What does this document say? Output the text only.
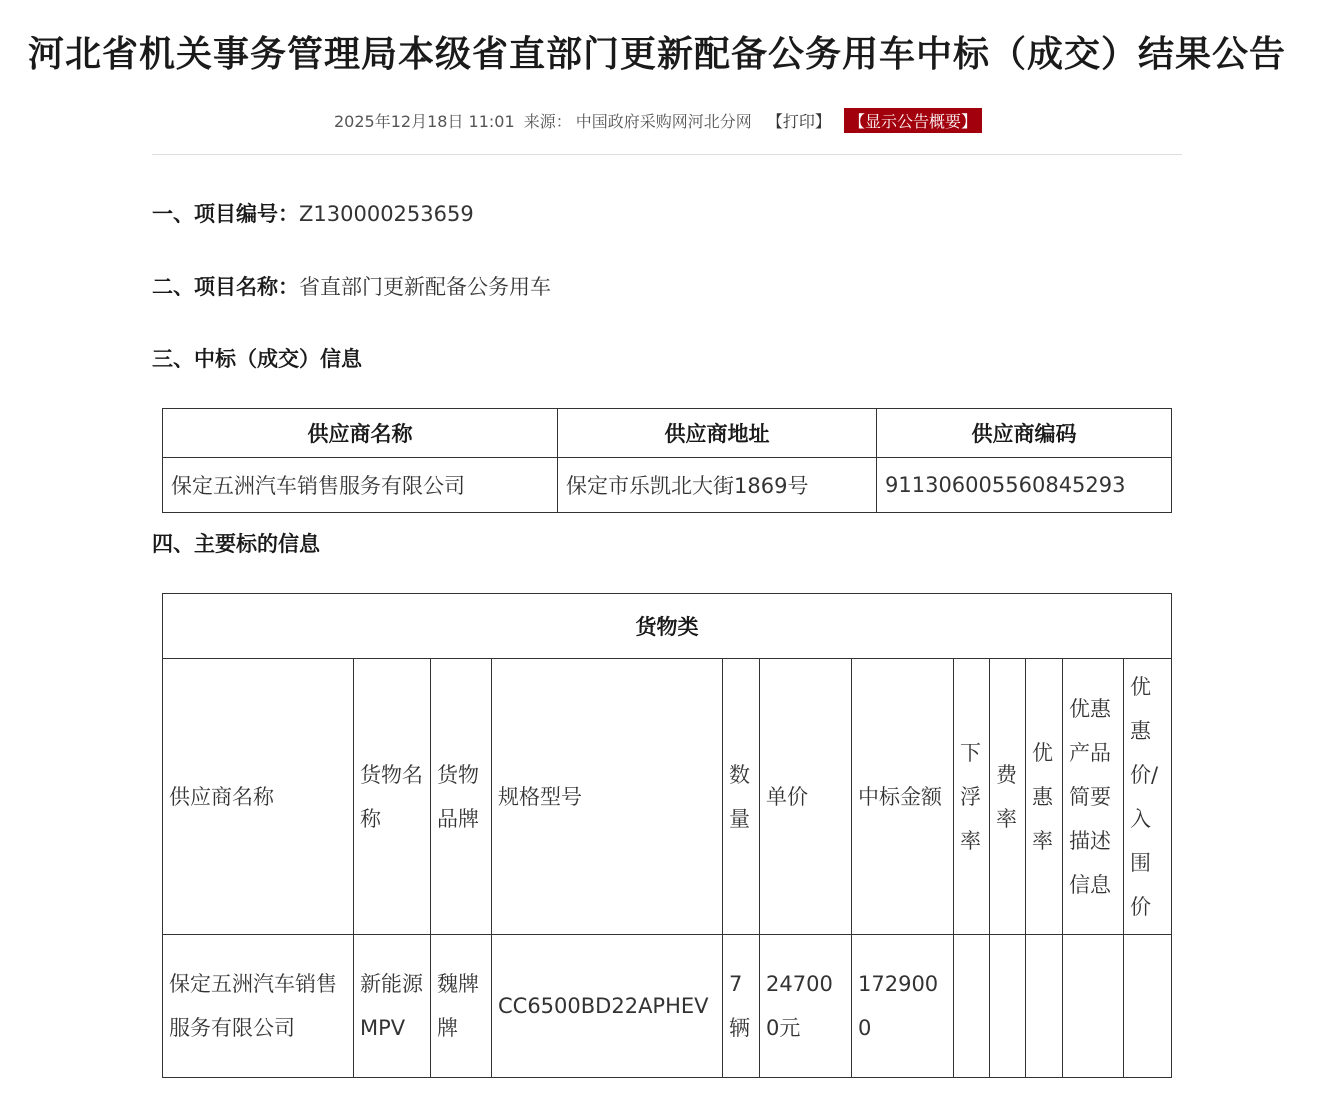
河北省机关事务管理局本级省直部门更新配备公务用车中标（成交）结果公告
2025年12月18日 11:01 来源： 中国政府采购网河北分网 【打印】 【显示公告概要】
一、项目编号：Z130000253659
二、项目名称：省直部门更新配备公务用车
三、中标（成交）信息
供应商名称	供应商地址	供应商编码
保定五洲汽车销售服务有限公司	保定市乐凯北大街1869号	91130600556084529​3
四、主要标的信息
货物类											
供应商名称	货物名称	货物品牌	规格型号	数量	单价	中标金额	下浮率	费率	优惠率	优惠产品简要描述信息	优惠价/入围价
保定五洲汽车销售服务有限公司	新能源MPV	魏牌牌	CC6500BD22APHEV	7辆	247000元	1729000					
